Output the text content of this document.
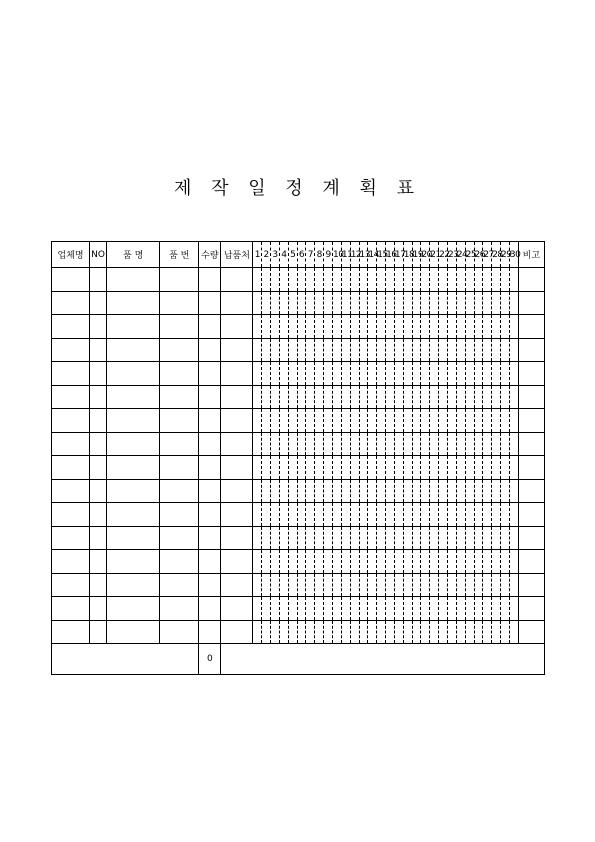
제 작 일 정 계 획 표
업체명	NO	품 명	품 번	수량	납품처	1	2	3	4	5	6	7	8	9	10	11	12	13	14	15	16	17	18	19	20	21	22	23	24	25	26	27	28	29	30	비고

				0																																
